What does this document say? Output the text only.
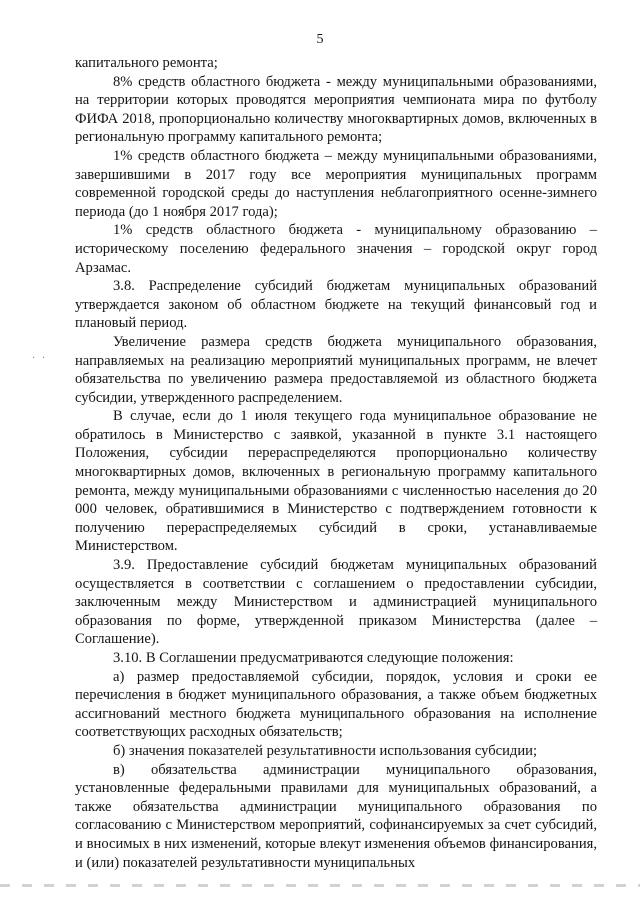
5
· ·

капитального ремонта;

8% средств областного бюджета - между муниципальными образованиями, на территории которых проводятся мероприятия чемпионата мира по футболу ФИФА 2018, пропорционально количеству многоквартирных домов, включенных в региональную программу капитального ремонта;

1% средств областного бюджета – между муниципальными образованиями, завершившими в 2017 году все мероприятия муниципальных программ современной городской среды до наступления неблагоприятного осенне-зимнего периода (до 1 ноября 2017 года);

1% средств областного бюджета - муниципальному образованию – историческому поселению федерального значения – городской округ город Арзамас.

3.8. Распределение субсидий бюджетам муниципальных образований утверждается законом об областном бюджете на текущий финансовый год и плановый период.

Увеличение размера средств бюджета муниципального образования, направляемых на реализацию мероприятий муниципальных программ, не влечет обязательства по увеличению размера предоставляемой из областного бюджета субсидии, утвержденного распределением.

В случае, если до 1 июля текущего года муниципальное образование не обратилось в Министерство с заявкой, указанной в пункте 3.1 настоящего Положения, субсидии перераспределяются пропорционально количеству многоквартирных домов, включенных в региональную программу капитального ремонта, между муниципальными образованиями с численностью населения до 20 000 человек, обратившимися в Министерство с подтверждением готовности к получению перераспределяемых субсидий в сроки, устанавливаемые Министерством.

3.9. Предоставление субсидий бюджетам муниципальных образований осуществляется в соответствии с соглашением о предоставлении субсидии, заключенным между Министерством и администрацией муниципального образования по форме, утвержденной приказом Министерства (далее – Соглашение).

3.10. В Соглашении предусматриваются следующие положения:

а) размер предоставляемой субсидии, порядок, условия и сроки ее перечисления в бюджет муниципального образования, а также объем бюджетных ассигнований местного бюджета муниципального образования на исполнение соответствующих расходных обязательств;

б) значения показателей результативности использования субсидии;

в) обязательства администрации муниципального образования, установленные федеральными правилами для муниципальных образований, а также обязательства администрации муниципального образования по согласованию с Министерством мероприятий, софинансируемых за счет субсидий, и вносимых в них изменений, которые влекут изменения объемов финансирования, и (или) показателей результативности муниципальных
